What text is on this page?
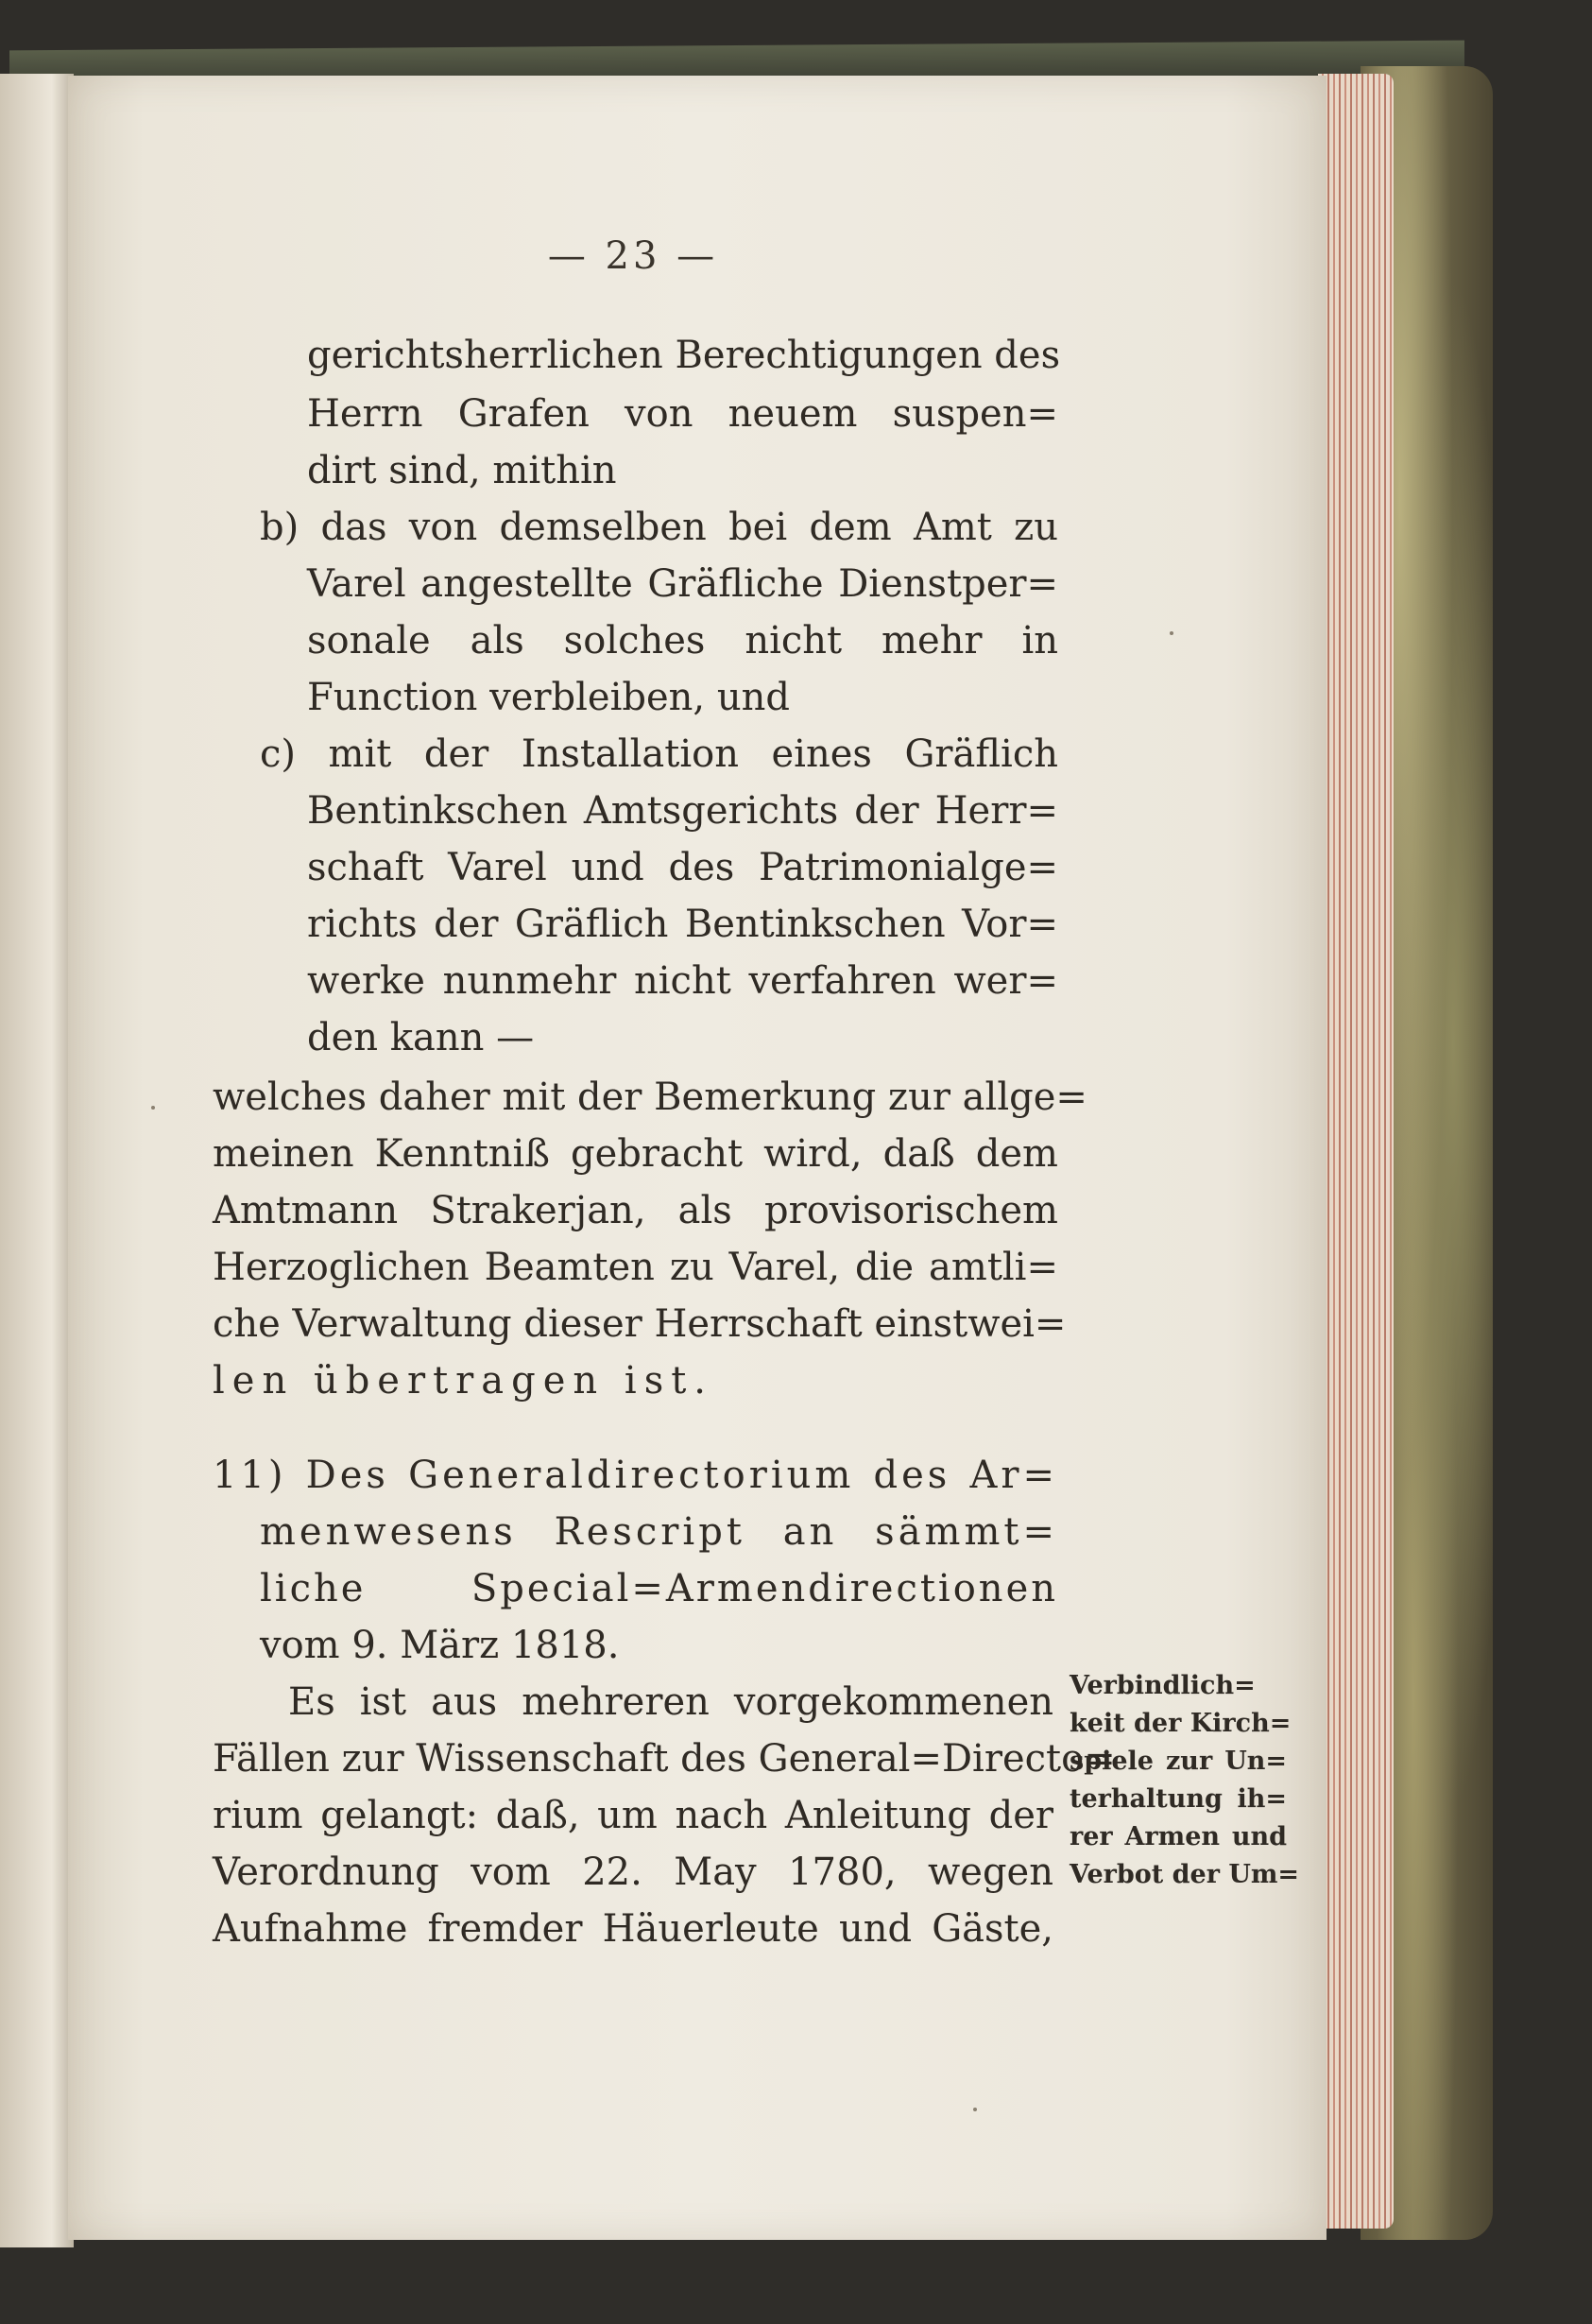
— 23 —
gerichtsherrlichen Berechtigungen des
Herrn Grafen von neuem suspen=
dirt sind, mithin
b) das von demselben bei dem Amt zu
Varel angestellte Gräfliche Dienstper=
sonale als solches nicht mehr in
Function verbleiben, und
c) mit der Installation eines Gräflich
Bentinkschen Amtsgerichts der Herr=
schaft Varel und des Patrimonialge=
richts der Gräflich Bentinkschen Vor=
werke nunmehr nicht verfahren wer=
den kann —
welches daher mit der Bemerkung zur allge=
meinen Kenntniß gebracht wird, daß dem
Amtmann Strakerjan, als provisorischem
Herzoglichen Beamten zu Varel, die amtli=
che Verwaltung dieser Herrschaft einstwei=
len übertragen ist.
11) Des Generaldirectorium des Ar=
menwesens Rescript an sämmt=
liche Special=Armendirectionen
vom 9. März 1818.
Es ist aus mehreren vorgekommenen
Fällen zur Wissenschaft des General=Directo=
rium gelangt: daß, um nach Anleitung der
Verordnung vom 22. May 1780, wegen
Aufnahme fremder Häuerleute und Gäste,
Verbindlich=
keit der Kirch=
spiele zur Un=
terhaltung ih=
rer Armen und
Verbot der Um=
